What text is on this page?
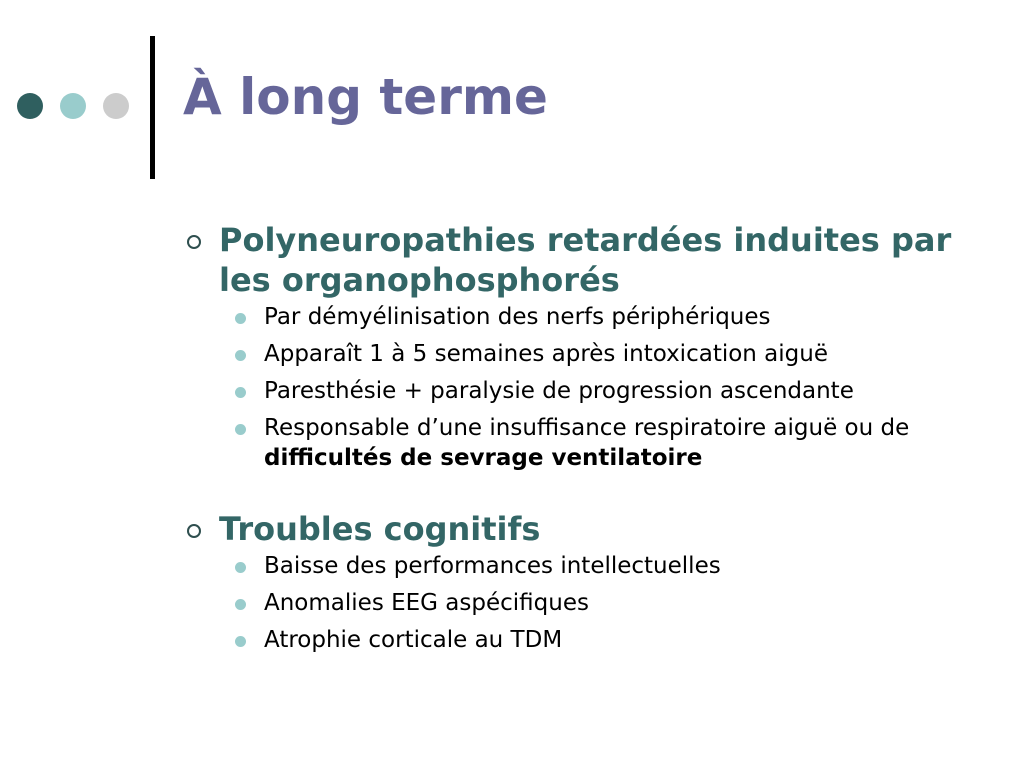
À long terme
Polyneuropathies retardées induites par les organophosphorés
Par démyélinisation des nerfs périphériques
Apparaît 1 à 5 semaines après intoxication aiguë
Paresthésie + paralysie de progression ascendante
Responsable d’une insuffisance respiratoire aiguë ou de difficultés de sevrage ventilatoire
Troubles cognitifs
Baisse des performances intellectuelles
Anomalies EEG aspécifiques
Atrophie corticale au TDM
